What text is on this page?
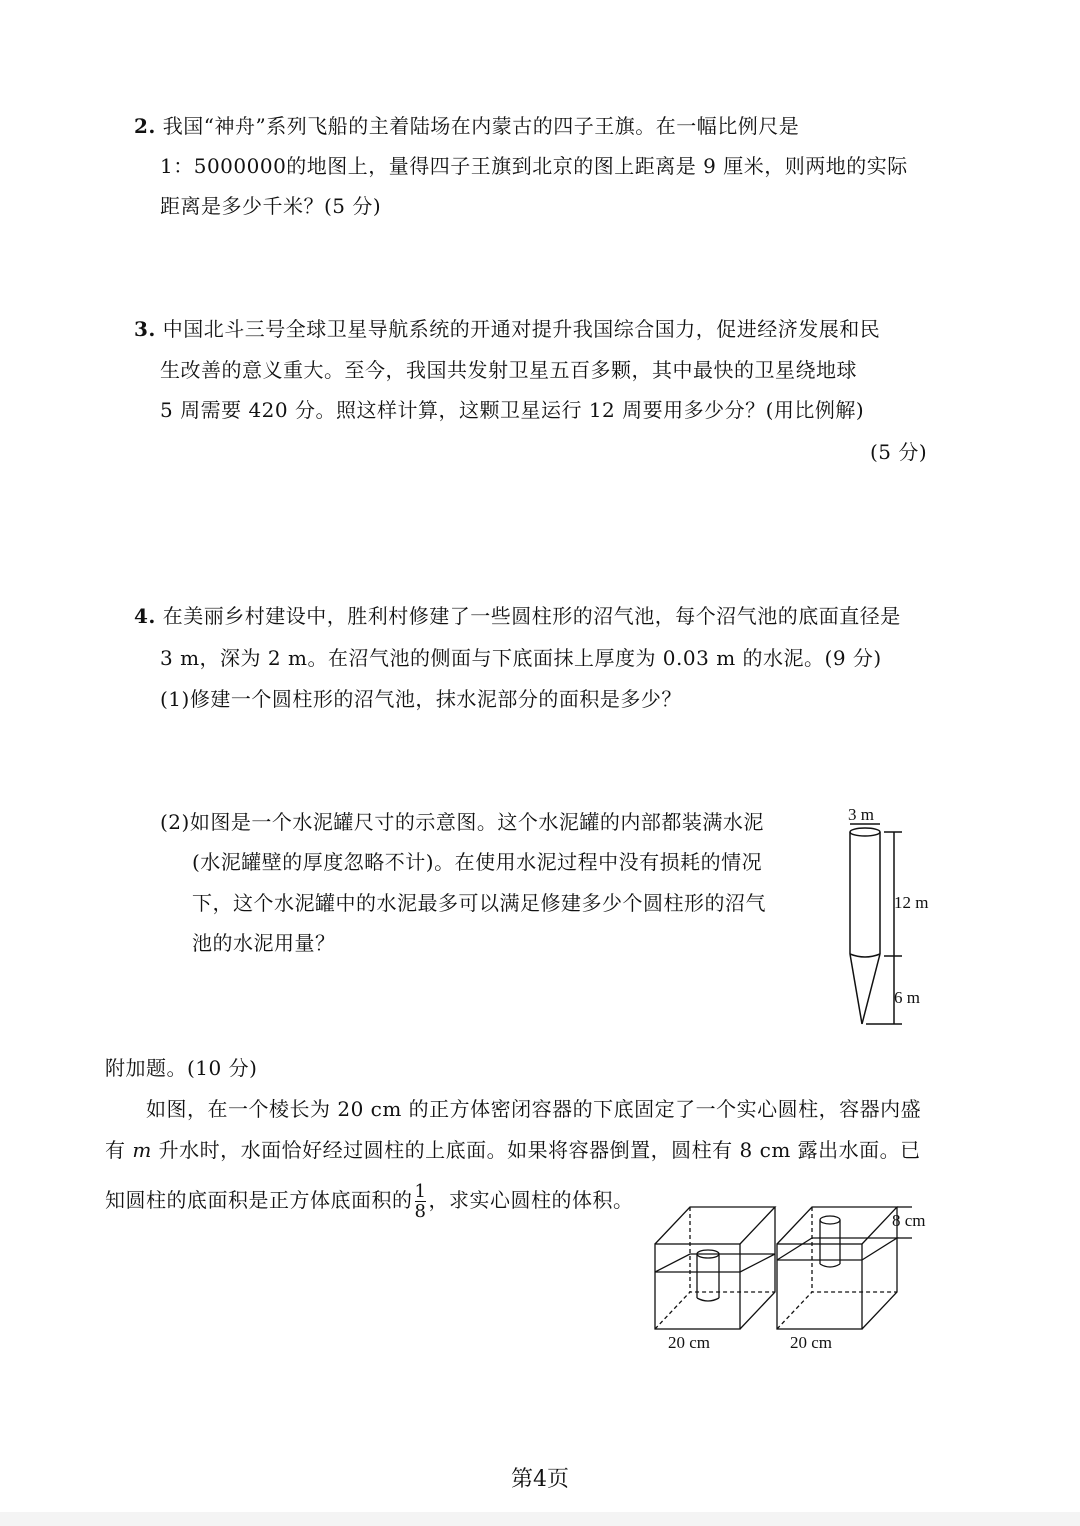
2. 我国“神舟”系列飞船的主着陆场在内蒙古的四子王旗。在一幅比例尺是
1：5000000的地图上，量得四子王旗到北京的图上距离是 9 厘米，则两地的实际
距离是多少千米？(5 分)
3. 中国北斗三号全球卫星导航系统的开通对提升我国综合国力，促进经济发展和民
生改善的意义重大。至今，我国共发射卫星五百多颗，其中最快的卫星绕地球
5 周需要 420 分。照这样计算，这颗卫星运行 12 周要用多少分？(用比例解)
(5 分)
4. 在美丽乡村建设中，胜利村修建了一些圆柱形的沼气池，每个沼气池的底面直径是
3 m，深为 2 m。在沼气池的侧面与下底面抹上厚度为 0.03 m 的水泥。(9 分)
(1)修建一个圆柱形的沼气池，抹水泥部分的面积是多少？
(2)如图是一个水泥罐尺寸的示意图。这个水泥罐的内部都装满水泥
(水泥罐壁的厚度忽略不计)。在使用水泥过程中没有损耗的情况
下，这个水泥罐中的水泥最多可以满足修建多少个圆柱形的沼气
池的水泥用量？
3 m
12 m
6 m
附加题。(10 分)
如图，在一个棱长为 20 cm 的正方体密闭容器的下底固定了一个实心圆柱，容器内盛
有 m 升水时，水面恰好经过圆柱的上底面。如果将容器倒置，圆柱有 8 cm 露出水面。已
知圆柱的底面积是正方体底面积的 $\frac{1}{8}$ ，求实心圆柱的体积。
8 cm
20 cm	20 cm
第4页
